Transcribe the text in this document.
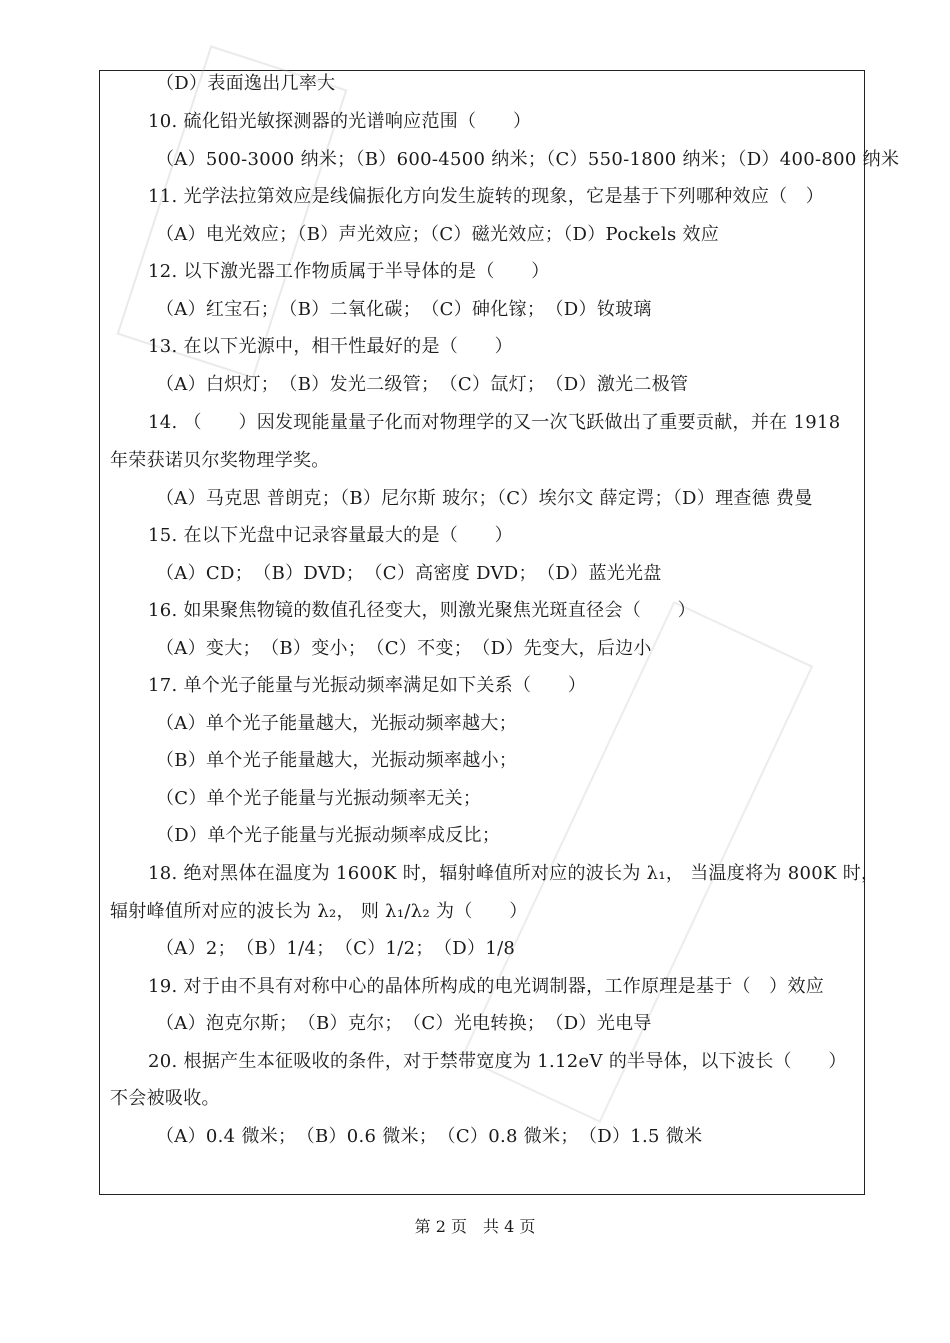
（D）表面逸出几率大
10. 硫化铅光敏探测器的光谱响应范围（　　）
（A）500-3000 纳米；（B）600-4500 纳米；（C）550-1800 纳米；（D）400-800 纳米
11. 光学法拉第效应是线偏振化方向发生旋转的现象，它是基于下列哪种效应（　）
（A）电光效应；（B）声光效应；（C）磁光效应；（D）Pockels 效应
12. 以下激光器工作物质属于半导体的是（　　）
（A）红宝石；　（B）二氧化碳；　（C）砷化镓；　（D）钕玻璃
13. 在以下光源中，相干性最好的是（　　）
（A）白炽灯；　（B）发光二级管；　（C）氙灯；　（D）激光二极管
14. （　　）因发现能量量子化而对物理学的又一次飞跃做出了重要贡献，并在 1918
年荣获诺贝尔奖物理学奖。
（A）马克思 普朗克；（B）尼尔斯 玻尔；（C）埃尔文 薛定谔；（D）理查德 费曼
15. 在以下光盘中记录容量最大的是（　　）
（A）CD；　（B）DVD；　（C）高密度 DVD；　（D）蓝光光盘
16. 如果聚焦物镜的数值孔径变大，则激光聚焦光斑直径会（　　）
（A）变大；　（B）变小；　（C）不变；　（D）先变大，后边小
17. 单个光子能量与光振动频率满足如下关系（　　）
（A）单个光子能量越大，光振动频率越大；
（B）单个光子能量越大，光振动频率越小；
（C）单个光子能量与光振动频率无关；
（D）单个光子能量与光振动频率成反比；
18. 绝对黑体在温度为 1600K 时，辐射峰值所对应的波长为 λ₁， 当温度将为 800K 时，
辐射峰值所对应的波长为 λ₂， 则 λ₁/λ₂ 为（　　）
（A）2；　（B）1/4；　（C）1/2；　（D）1/8
19. 对于由不具有对称中心的晶体所构成的电光调制器，工作原理是基于（　）效应
（A）泡克尔斯；　（B）克尔；　（C）光电转换；　（D）光电导
20. 根据产生本征吸收的条件，对于禁带宽度为 1.12eV 的半导体，以下波长（　　）
不会被吸收。
（A）0.4 微米；　（B）0.6 微米；　（C）0.8 微米；　（D）1.5 微米
第 2 页　共 4 页
